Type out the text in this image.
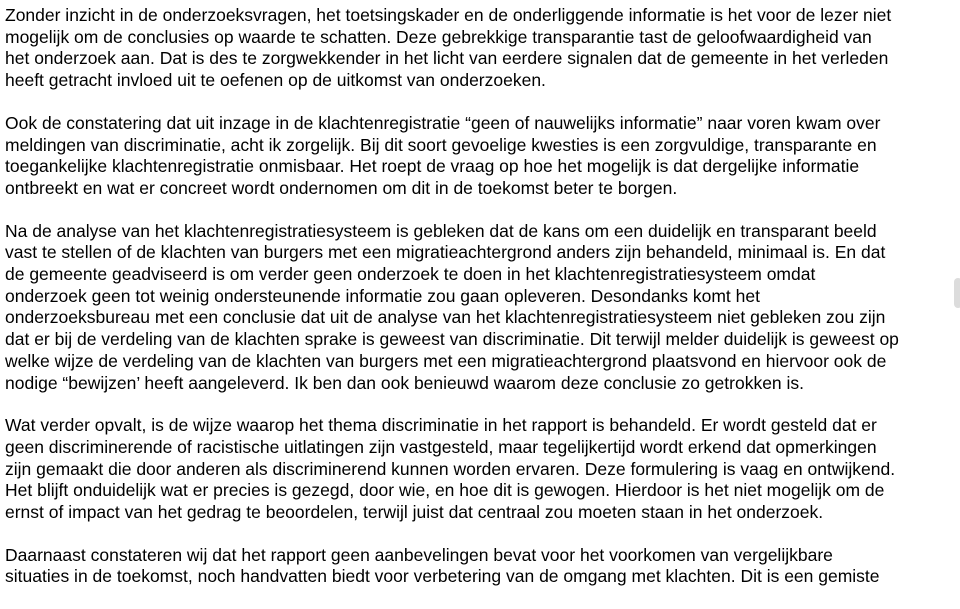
Zonder inzicht in de onderzoeksvragen, het toetsingskader en de onderliggende informatie is het voor de lezer niet
mogelijk om de conclusies op waarde te schatten. Deze gebrekkige transparantie tast de geloofwaardigheid van
het onderzoek aan. Dat is des te zorgwekkender in het licht van eerdere signalen dat de gemeente in het verleden
heeft getracht invloed uit te oefenen op de uitkomst van onderzoeken.
Ook de constatering dat uit inzage in de klachtenregistratie “geen of nauwelijks informatie” naar voren kwam over
meldingen van discriminatie, acht ik zorgelijk. Bij dit soort gevoelige kwesties is een zorgvuldige, transparante en
toegankelijke klachtenregistratie onmisbaar. Het roept de vraag op hoe het mogelijk is dat dergelijke informatie
ontbreekt en wat er concreet wordt ondernomen om dit in de toekomst beter te borgen.
Na de analyse van het klachtenregistratiesysteem is gebleken dat de kans om een duidelijk en transparant beeld
vast te stellen of de klachten van burgers met een migratieachtergrond anders zijn behandeld, minimaal is. En dat
de gemeente geadviseerd is om verder geen onderzoek te doen in het klachtenregistratiesysteem omdat
onderzoek geen tot weinig ondersteunende informatie zou gaan opleveren. Desondanks komt het
onderzoeksbureau met een conclusie dat uit de analyse van het klachtenregistratiesysteem niet gebleken zou zijn
dat er bij de verdeling van de klachten sprake is geweest van discriminatie. Dit terwijl melder duidelijk is geweest op
welke wijze de verdeling van de klachten van burgers met een migratieachtergrond plaatsvond en hiervoor ook de
nodige “bewijzen’ heeft aangeleverd. Ik ben dan ook benieuwd waarom deze conclusie zo getrokken is.
Wat verder opvalt, is de wijze waarop het thema discriminatie in het rapport is behandeld. Er wordt gesteld dat er
geen discriminerende of racistische uitlatingen zijn vastgesteld, maar tegelijkertijd wordt erkend dat opmerkingen
zijn gemaakt die door anderen als discriminerend kunnen worden ervaren. Deze formulering is vaag en ontwijkend.
Het blijft onduidelijk wat er precies is gezegd, door wie, en hoe dit is gewogen. Hierdoor is het niet mogelijk om de
ernst of impact van het gedrag te beoordelen, terwijl juist dat centraal zou moeten staan in het onderzoek.
Daarnaast constateren wij dat het rapport geen aanbevelingen bevat voor het voorkomen van vergelijkbare
situaties in de toekomst, noch handvatten biedt voor verbetering van de omgang met klachten. Dit is een gemiste
